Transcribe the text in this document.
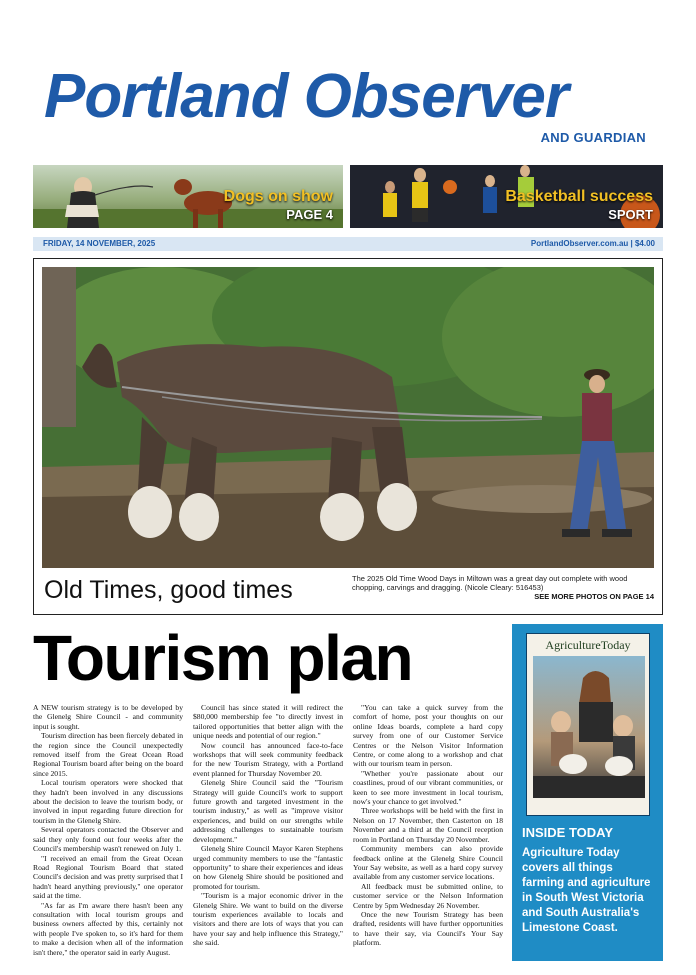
Portland Observer
AND GUARDIAN
Dogs on show
PAGE 4
Basketball success
SPORT
FRIDAY, 14 NOVEMBER, 2025	PortlandObserver.com.au | $4.00
Old Times, good times	The 2025 Old Time Wood Days in Miltown was a great day out complete with wood chopping, carvings and dragging. (Nicole Cleary: 516453)
SEE MORE PHOTOS ON PAGE 14
Tourism plan

A NEW tourism strategy is to be developed by the Glenelg Shire Council - and community input is sought.

Tourism direction has been fiercely debated in the region since the Council unexpectedly removed itself from the Great Ocean Road Regional Tourism board after being on the board since 2015.

Local tourism operators were shocked that they hadn't been involved in any discussions about the decision to leave the tourism body, or involved in input regarding future direction for tourism in the Glenelg Shire.

Several operators contacted the Observer and said they only found out four weeks after the Council's membership wasn't renewed on July 1.

"I received an email from the Great Ocean Road Regional Tourism Board that stated Council's decision and was pretty surprised that I hadn't heard anything previously," one operator said at the time.

"As far as I'm aware there hasn't been any consultation with local tourism groups and business owners affected by this, certainly not with people I've spoken to, so it's hard for them to make a decision when all of the information isn't there," the operator said in early August.

Council has since stated it will redirect the $80,000 membership fee "to directly invest in tailored opportunities that better align with the unique needs and potential of our region."

Now council has announced face-to-face workshops that will seek community feedback for the new Tourism Strategy, with a Portland event planned for Thursday November 20.

Glenelg Shire Council said the "Tourism Strategy will guide Council's work to support future growth and targeted investment in the tourism industry," as well as "improve visitor experiences, and build on our strengths while addressing challenges to sustainable tourism development."

Glenelg Shire Council Mayor Karen Stephens urged community members to use the "fantastic opportunity" to share their experiences and ideas on how Glenelg Shire should be positioned and promoted for tourism.

"Tourism is a major economic driver in the Glenelg Shire. We want to build on the diverse tourism experiences available to locals and visitors and there are lots of ways that you can have your say and help influence this Strategy," she said.

"You can take a quick survey from the comfort of home, post your thoughts on our online Ideas boards, complete a hard copy survey from one of our Customer Service Centres or the Nelson Visitor Information Centre, or come along to a workshop and chat with our tourism team in person.

"Whether you're passionate about our coastlines, proud of our vibrant communities, or keen to see more investment in local tourism, now's your chance to get involved."

Three workshops will be held with the first in Nelson on 17 November, then Casterton on 18 November and a third at the Council reception room in Portland on Thursday 20 November.

Community members can also provide feedback online at the Glenelg Shire Council Your Say website, as well as a hard copy survey available from any customer service locations.

All feedback must be submitted online, to customer service or the Nelson Information Centre by 5pm Wednesday 26 November.

Once the new Tourism Strategy has been drafted, residents will have further opportunities to have their say, via Council's Your Say platform.

AgricultureToday
INSIDE TODAY
Agriculture Today covers all things farming and agriculture in South West Victoria and South Australia's Limestone Coast.
